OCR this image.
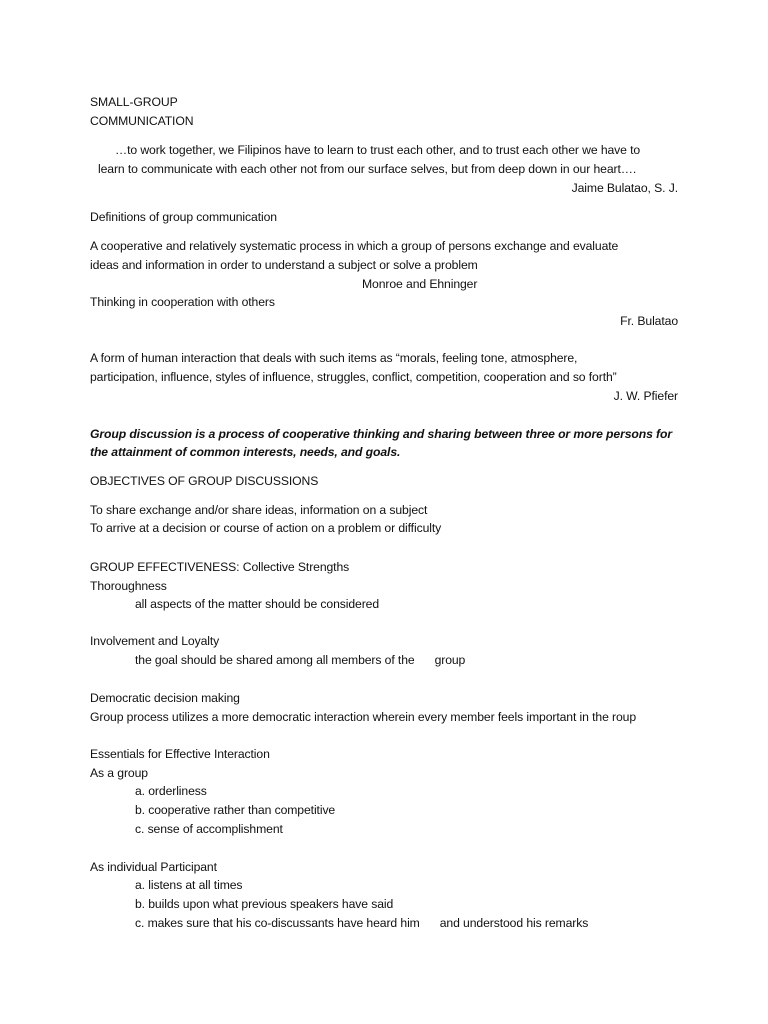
SMALL-GROUP
COMMUNICATION
…to work together, we Filipinos have to learn to trust each other, and to trust each other we have to
learn to communicate with each other not from our surface selves, but from deep down in our heart….
Jaime Bulatao, S. J.
Definitions of group communication
A cooperative and relatively systematic process in which a group of persons exchange and evaluate
ideas and information in order to understand a subject or solve a problem
Monroe and Ehninger
Thinking in cooperation with others
Fr. Bulatao
A form of human interaction that deals with such items as “morals, feeling tone, atmosphere,
participation, influence, styles of influence, struggles, conflict, competition, cooperation and so forth”
J. W. Pfiefer
Group discussion is a process of cooperative thinking and sharing between three or more persons for
the attainment of common interests, needs, and goals.
OBJECTIVES OF GROUP DISCUSSIONS
To share exchange and/or share ideas, information on a subject
To arrive at a decision or course of action on a problem or difficulty
GROUP EFFECTIVENESS: Collective Strengths
Thoroughness
all aspects of the matter should be considered
Involvement and Loyalty
the goal should be shared among all members of the group
Democratic decision making
Group process utilizes a more democratic interaction wherein every member feels important in the roup
Essentials for Effective Interaction
As a group
a. orderliness
b. cooperative rather than competitive
c. sense of accomplishment
As individual Participant
a. listens at all times
b. builds upon what previous speakers have said
c. makes sure that his co-discussants have heard him and understood his remarks
